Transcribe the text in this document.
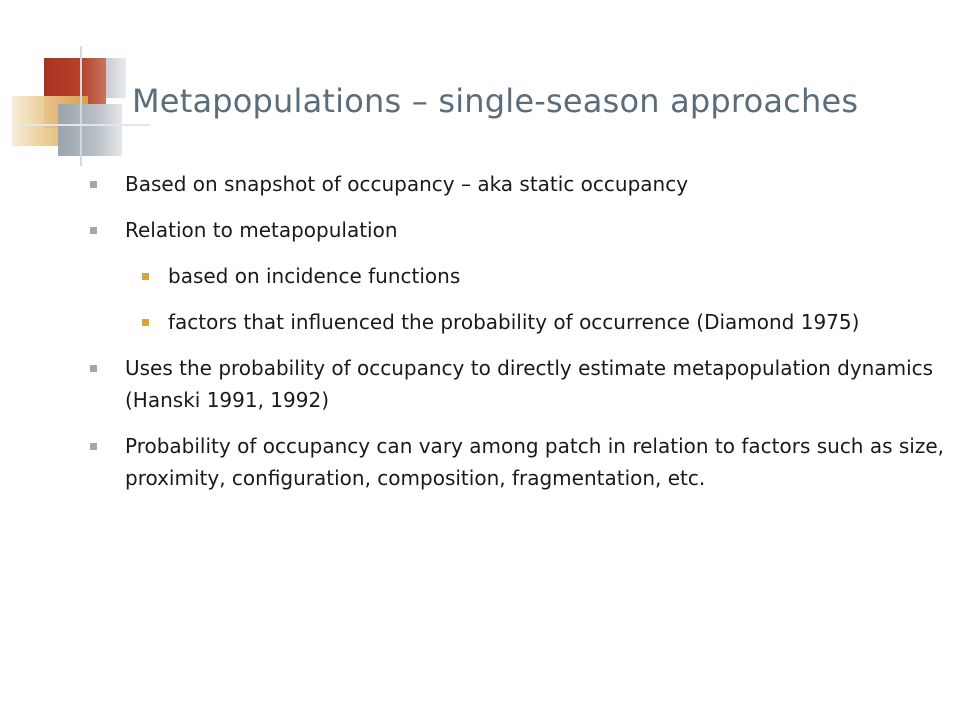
Metapopulations – single-season approaches

Based on snapshot of occupancy – aka static occupancy

Relation to metapopulation

based on incidence functions

factors that influenced the probability of occurrence (Diamond 1975)

Uses the probability of occupancy to directly estimate metapopulation dynamics (Hanski 1991, 1992)

Probability of occupancy can vary among patch in relation to factors such as size, proximity, configuration, composition, fragmentation, etc.
